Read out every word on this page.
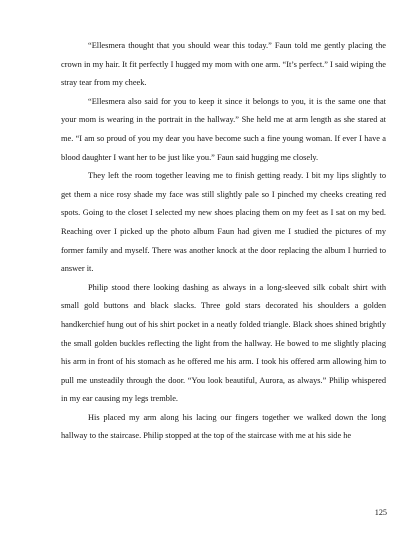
“Ellesmera thought that you should wear this today.” Faun told me gently placing the crown in my hair. It fit perfectly I hugged my mom with one arm. “It’s perfect.” I said wiping the stray tear from my cheek.

“Ellesmera also said for you to keep it since it belongs to you, it is the same one that your mom is wearing in the portrait in the hallway.” She held me at arm length as she stared at me. “I am so proud of you my dear you have become such a fine young woman. If ever I have a blood daughter I want her to be just like you.” Faun said hugging me closely.

They left the room together leaving me to finish getting ready. I bit my lips slightly to get them a nice rosy shade my face was still slightly pale so I pinched my cheeks creating red spots. Going to the closet I selected my new shoes placing them on my feet as I sat on my bed. Reaching over I picked up the photo album Faun had given me I studied the pictures of my former family and myself. There was another knock at the door replacing the album I hurried to answer it.

Philip stood there looking dashing as always in a long-sleeved silk cobalt shirt with small gold buttons and black slacks. Three gold stars decorated his shoulders a golden handkerchief hung out of his shirt pocket in a neatly folded triangle. Black shoes shined brightly the small golden buckles reflecting the light from the hallway. He bowed to me slightly placing his arm in front of his stomach as he offered me his arm. I took his offered arm allowing him to pull me unsteadily through the door. “You look beautiful, Aurora, as always.” Philip whispered in my ear causing my legs tremble.

His placed my arm along his lacing our fingers together we walked down the long hallway to the staircase. Philip stopped at the top of the staircase with me at his side he

125
